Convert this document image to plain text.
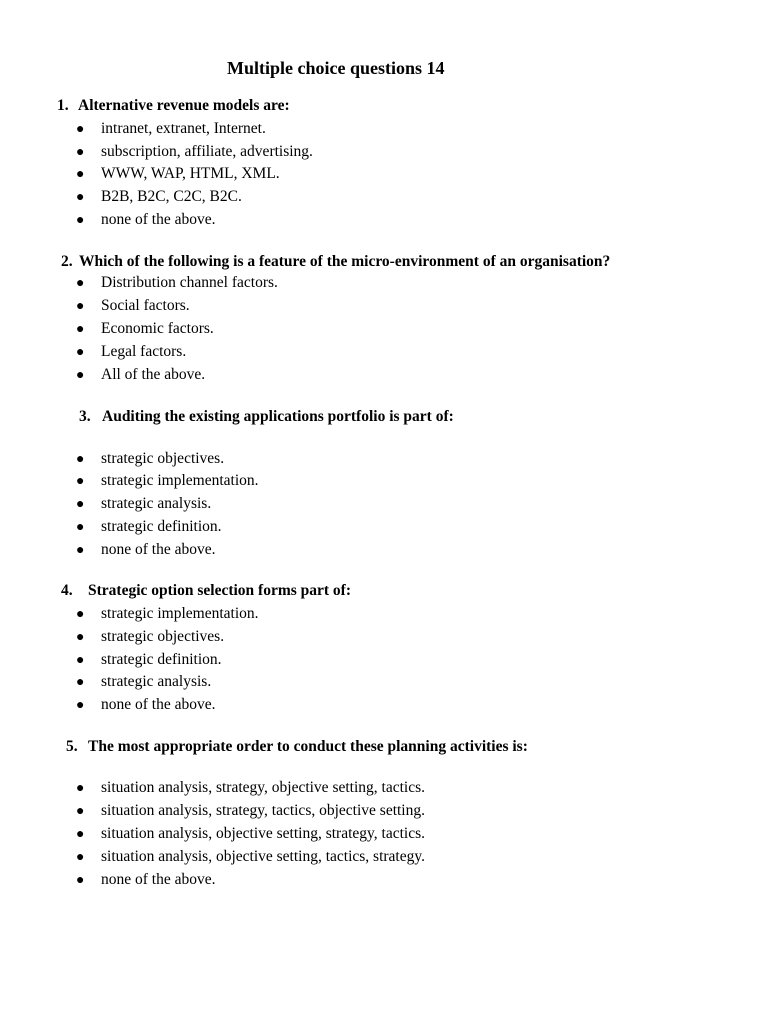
Multiple choice questions 14
1. Alternative revenue models are:
● intranet, extranet, Internet.
● subscription, affiliate, advertising.
● WWW, WAP, HTML, XML.
● B2B, B2C, C2C, B2C.
● none of the above.
2. Which of the following is a feature of the micro-environment of an organisation?
● Distribution channel factors.
● Social factors.
● Economic factors.
● Legal factors.
● All of the above.
3. Auditing the existing applications portfolio is part of:
● strategic objectives.
● strategic implementation.
● strategic analysis.
● strategic definition.
● none of the above.
4. Strategic option selection forms part of:
● strategic implementation.
● strategic objectives.
● strategic definition.
● strategic analysis.
● none of the above.
5. The most appropriate order to conduct these planning activities is:
● situation analysis, strategy, objective setting, tactics.
● situation analysis, strategy, tactics, objective setting.
● situation analysis, objective setting, strategy, tactics.
● situation analysis, objective setting, tactics, strategy.
● none of the above.
